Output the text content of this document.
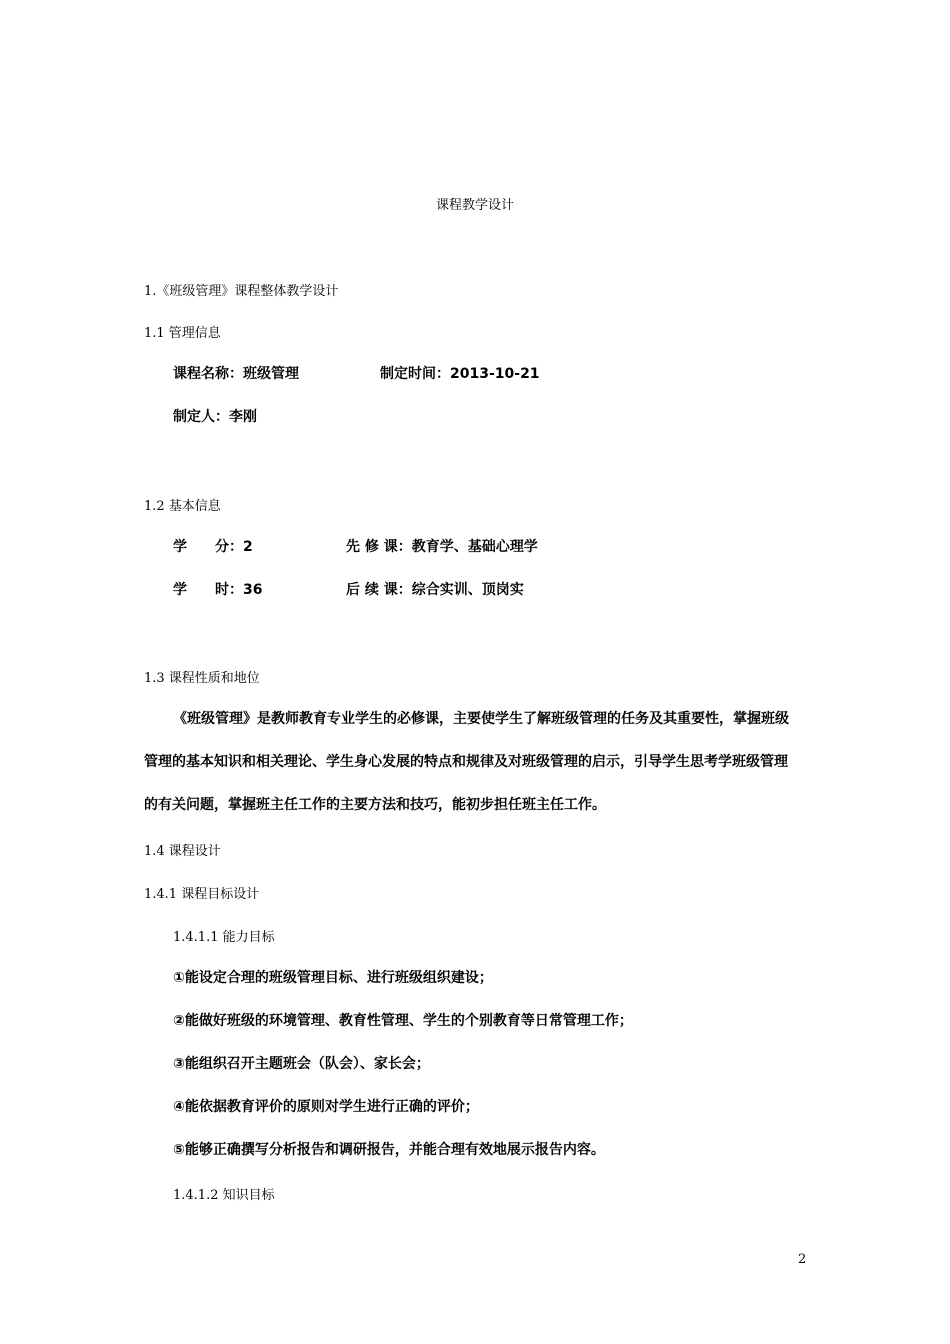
课程教学设计
1.《班级管理》课程整体教学设计
1.1 管理信息
课程名称：班级管理	制定时间：2013-10-21
制定人：李刚
1.2 基本信息
学　　分：2	先 修 课：教育学、基础心理学
学　　时：36	后 续 课：综合实训、顶岗实
1.3 课程性质和地位
《班级管理》是教师教育专业学生的必修课，主要使学生了解班级管理的任务及其重要性，掌握班级
管理的基本知识和相关理论、学生身心发展的特点和规律及对班级管理的启示，引导学生思考学班级管理
的有关问题，掌握班主任工作的主要方法和技巧，能初步担任班主任工作。
1.4 课程设计
1.4.1 课程目标设计
1.4.1.1 能力目标
①能设定合理的班级管理目标、进行班级组织建设；
②能做好班级的环境管理、教育性管理、学生的个别教育等日常管理工作；
③能组织召开主题班会（队会）、家长会；
④能依据教育评价的原则对学生进行正确的评价；
⑤能够正确撰写分析报告和调研报告，并能合理有效地展示报告内容。
1.4.1.2 知识目标
2
